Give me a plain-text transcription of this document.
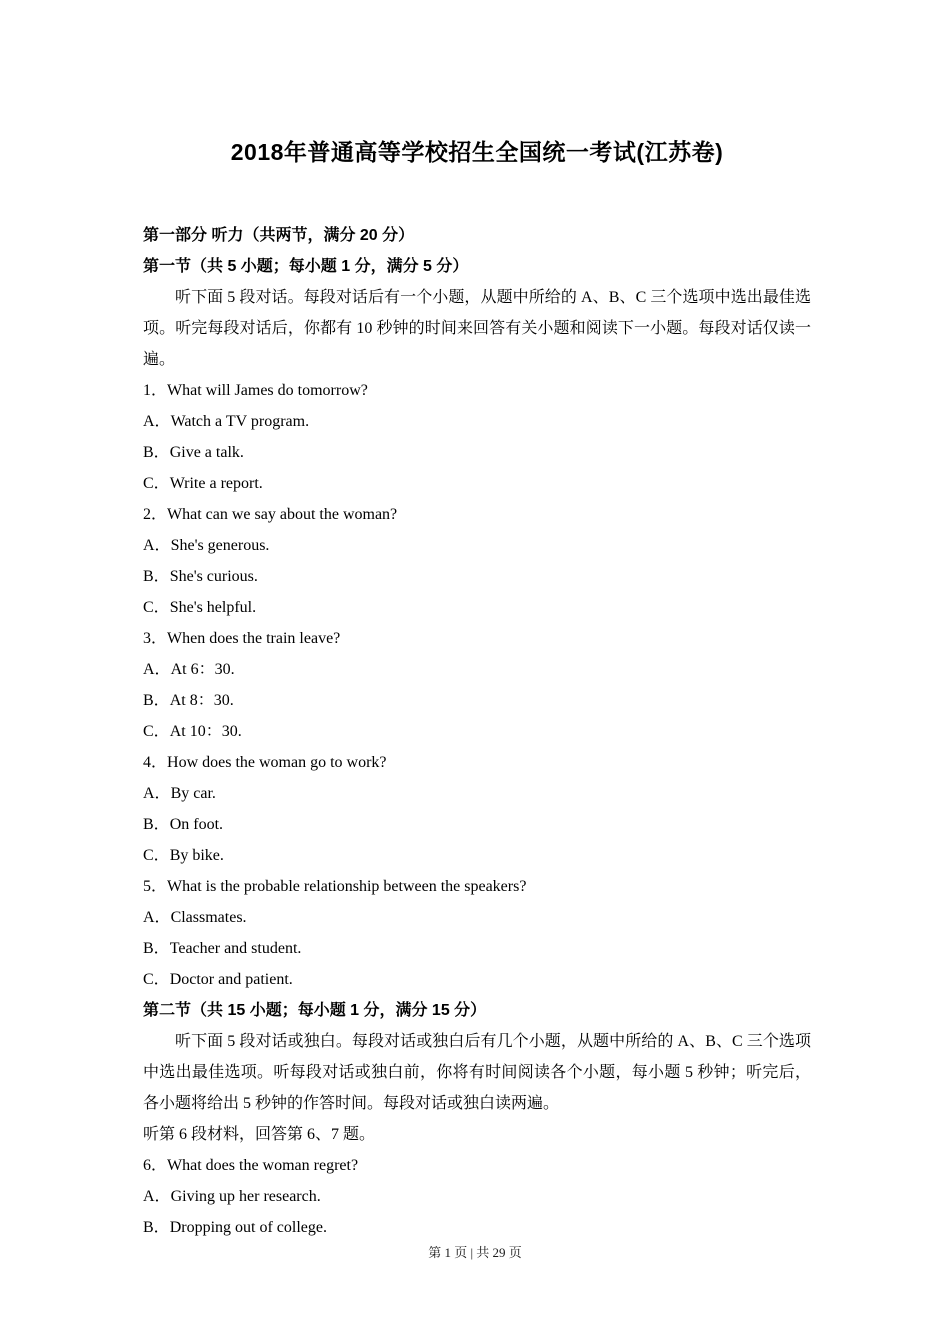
2018年普通高等学校招生全国统一考试(江苏卷)
第一部分 听力（共两节，满分 20 分）
第一节（共 5 小题；每小题 1 分，满分 5 分）

听下面 5 段对话。每段对话后有一个小题，从题中所给的 A、B、C 三个选项中选出最佳选项。听完每段对话后，你都有 10 秒钟的时间来回答有关小题和阅读下一小题。每段对话仅读一遍。

1．What will James do tomorrow?
A．Watch a TV program.
B．Give a talk.
C．Write a report.
2．What can we say about the woman?
A．She's generous.
B．She's curious.
C．She's helpful.
3．When does the train leave?
A．At 6：30.
B．At 8：30.
C．At 10：30.
4．How does the woman go to work?
A．By car.
B．On foot.
C．By bike.
5．What is the probable relationship between the speakers?
A．Classmates.
B．Teacher and student.
C．Doctor and patient.
第二节（共 15 小题；每小题 1 分，满分 15 分）

听下面 5 段对话或独白。每段对话或独白后有几个小题，从题中所给的 A、B、C 三个选项中选出最佳选项。听每段对话或独白前，你将有时间阅读各个小题，每小题 5 秒钟；听完后，各小题将给出 5 秒钟的作答时间。每段对话或独白读两遍。

听第 6 段材料，回答第 6、7 题。
6．What does the woman regret?
A．Giving up her research.
B．Dropping out of college.
第 1 页 | 共 29 页
